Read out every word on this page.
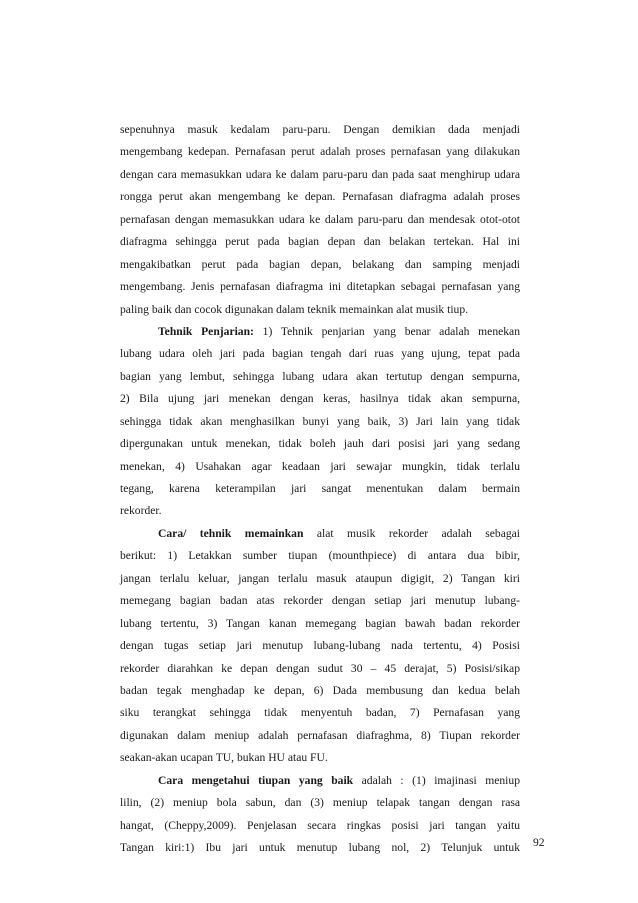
sepenuhnya masuk kedalam paru-paru. Dengan demikian dada menjadi
mengembang kedepan. Pernafasan perut adalah proses pernafasan yang dilakukan
dengan cara memasukkan udara ke dalam paru-paru dan pada saat menghirup udara
rongga perut akan mengembang ke depan. Pernafasan diafragma adalah proses
pernafasan dengan memasukkan udara ke dalam paru-paru dan mendesak otot-otot
diafragma sehingga perut pada bagian depan dan belakan tertekan. Hal ini
mengakibatkan perut pada bagian depan, belakang dan samping menjadi
mengembang. Jenis pernafasan diafragma ini ditetapkan sebagai pernafasan yang
paling baik dan cocok digunakan dalam teknik memainkan alat musik tiup.
Tehnik Penjarian: 1) Tehnik penjarian yang benar adalah menekan
lubang udara oleh jari pada bagian tengah dari ruas yang ujung, tepat pada
bagian yang lembut, sehingga lubang udara akan tertutup dengan sempurna,
2) Bila ujung jari menekan dengan keras, hasilnya tidak akan sempurna,
sehingga tidak akan menghasilkan bunyi yang baik, 3) Jari lain yang tidak
dipergunakan untuk menekan, tidak boleh jauh dari posisi jari yang sedang
menekan, 4) Usahakan agar keadaan jari sewajar mungkin, tidak terlalu
tegang, karena keterampilan jari sangat menentukan dalam bermain
rekorder.
Cara/ tehnik memainkan alat musik rekorder adalah sebagai
berikut: 1) Letakkan sumber tiupan (mounthpiece) di antara dua bibir,
jangan terlalu keluar, jangan terlalu masuk ataupun digigit, 2) Tangan kiri
memegang bagian badan atas rekorder dengan setiap jari menutup lubang-
lubang tertentu, 3) Tangan kanan memegang bagian bawah badan rekorder
dengan tugas setiap jari menutup lubang-lubang nada tertentu, 4) Posisi
rekorder diarahkan ke depan dengan sudut 30 – 45 derajat, 5) Posisi/sikap
badan tegak menghadap ke depan, 6) Dada membusung dan kedua belah
siku terangkat sehingga tidak menyentuh badan, 7) Pernafasan yang
digunakan dalam meniup adalah pernafasan diafraghma, 8) Tiupan rekorder
seakan-akan ucapan TU, bukan HU atau FU.
Cara mengetahui tiupan yang baik adalah : (1) imajinasi meniup
lilin, (2) meniup bola sabun, dan (3) meniup telapak tangan dengan rasa
hangat, (Cheppy,2009). Penjelasan secara ringkas posisi jari tangan yaitu
Tangan kiri:1) Ibu jari untuk menutup lubang nol, 2) Telunjuk untuk 92
